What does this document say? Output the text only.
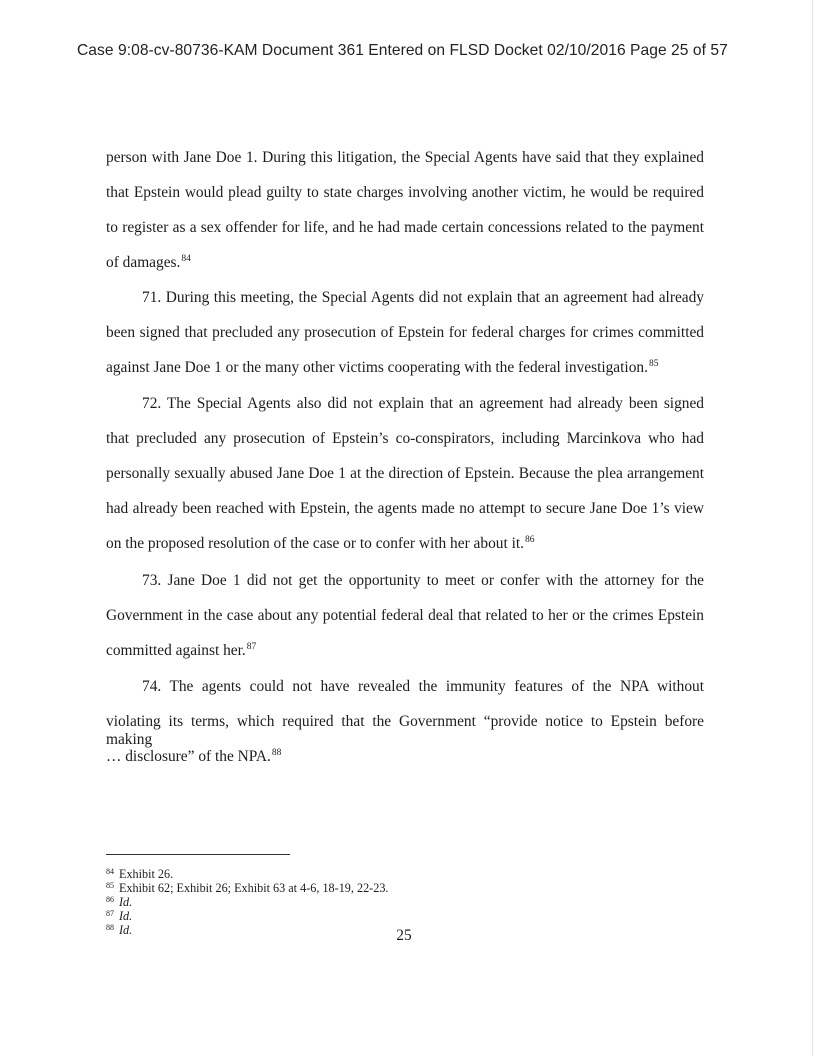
Case 9:08-cv-80736-KAM Document 361 Entered on FLSD Docket 02/10/2016 Page 25 of 57
person with Jane Doe 1. During this litigation, the Special Agents have said that they explained
that Epstein would plead guilty to state charges involving another victim, he would be required
to register as a sex offender for life, and he had made certain concessions related to the payment
of damages.$^{84}$
71. During this meeting, the Special Agents did not explain that an agreement had already
been signed that precluded any prosecution of Epstein for federal charges for crimes committed
against Jane Doe 1 or the many other victims cooperating with the federal investigation.$^{85}$
72. The Special Agents also did not explain that an agreement had already been signed
that precluded any prosecution of Epstein’s co-conspirators, including Marcinkova who had
personally sexually abused Jane Doe 1 at the direction of Epstein. Because the plea arrangement
had already been reached with Epstein, the agents made no attempt to secure Jane Doe 1’s view
on the proposed resolution of the case or to confer with her about it.$^{86}$
73. Jane Doe 1 did not get the opportunity to meet or confer with the attorney for the
Government in the case about any potential federal deal that related to her or the crimes Epstein
committed against her.$^{87}$
74. The agents could not have revealed the immunity features of the NPA without
violating its terms, which required that the Government “provide notice to Epstein before making
… disclosure” of the NPA.$^{88}$
84 Exhibit 26.
85 Exhibit 62; Exhibit 26; Exhibit 63 at 4-6, 18-19, 22-23.
86 Id.
87 Id.
88 Id.	25
